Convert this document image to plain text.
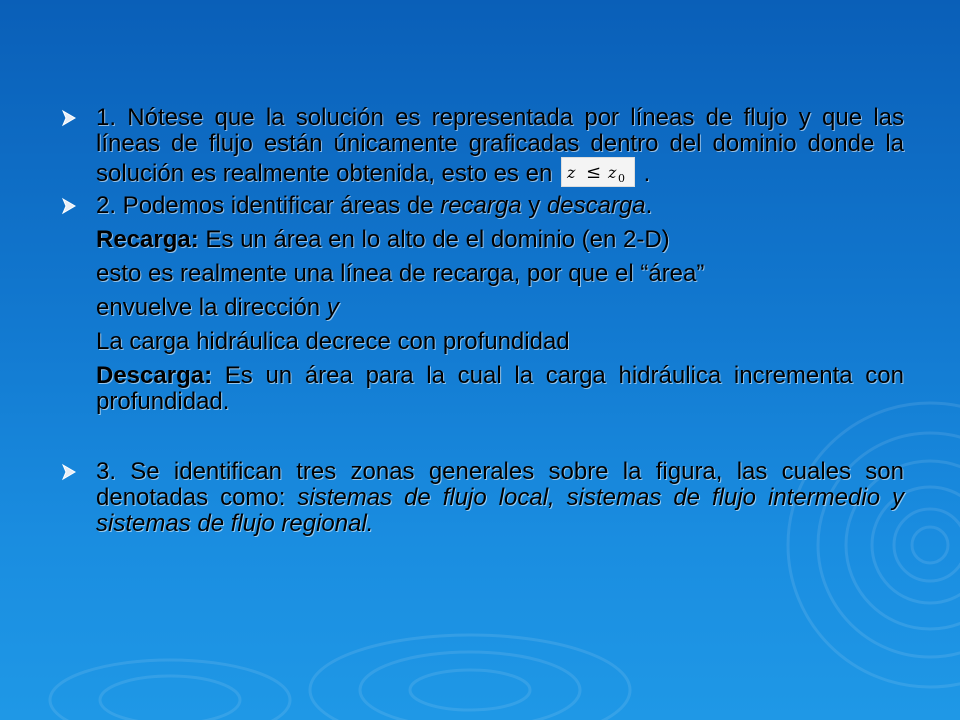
1. Nótese que la solución es representada por líneas de flujo y que las líneas de flujo están únicamente graficadas dentro del dominio donde la solución es realmente obtenida, esto es en z ≤ z 0 .

2. Podemos identificar áreas de recarga y descarga.

Recarga: Es un área en lo alto de el dominio (en 2-D)

esto es realmente una línea de recarga, por que el “área”

envuelve la dirección y

La carga hidráulica decrece con profundidad

Descarga: Es un área para la cual la carga hidráulica incrementa con profundidad.

3. Se identifican tres zonas generales sobre la figura, las cuales son denotadas como: sistemas de flujo local, sistemas de flujo intermedio y sistemas de flujo regional.
